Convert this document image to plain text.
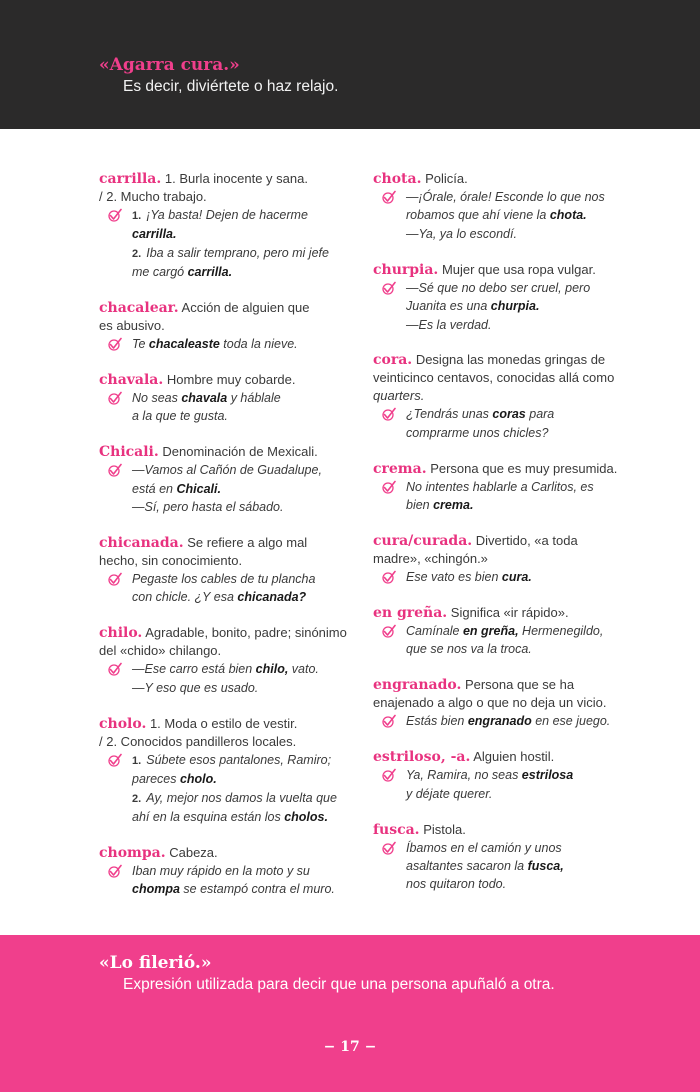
«Agarra cura.»
Es decir, diviértete o haz relajo.
carrilla. 1. Burla inocente y sana.
/ 2. Mucho trabajo.
1. ¡Ya basta! Dejen de hacerme
carrilla.
2. Iba a salir temprano, pero mi jefe
me cargó carrilla.
chacalear. Acción de alguien que
es abusivo.
Te chacaleaste toda la nieve.
chavala. Hombre muy cobarde.
No seas chavala y háblale
a la que te gusta.
Chicali. Denominación de Mexicali.
—Vamos al Cañón de Guadalupe,
está en Chicali.
—Sí, pero hasta el sábado.
chicanada. Se refiere a algo mal
hecho, sin conocimiento.
Pegaste los cables de tu plancha
con chicle. ¿Y esa chicanada?
chilo. Agradable, bonito, padre; sinónimo
del «chido» chilango.
—Ese carro está bien chilo, vato.
—Y eso que es usado.
cholo. 1. Moda o estilo de vestir.
/ 2. Conocidos pandilleros locales.
1. Súbete esos pantalones, Ramiro;
pareces cholo.
2. Ay, mejor nos damos la vuelta que
ahí en la esquina están los cholos.
chompa. Cabeza.
Iban muy rápido en la moto y su
chompa se estampó contra el muro.
chota. Policía.
—¡Órale, órale! Esconde lo que nos
robamos que ahí viene la chota.
—Ya, ya lo escondí.
churpia. Mujer que usa ropa vulgar.
—Sé que no debo ser cruel, pero
Juanita es una churpia.
—Es la verdad.
cora. Designa las monedas gringas de
veinticinco centavos, conocidas allá como
quarters.
¿Tendrás unas coras para
comprarme unos chicles?
crema. Persona que es muy presumida.
No intentes hablarle a Carlitos, es
bien crema.
cura/curada. Divertido, «a toda
madre», «chingón.»
Ese vato es bien cura.
en greña. Significa «ir rápido».
Camínale en greña, Hermenegildo,
que se nos va la troca.
engranado. Persona que se ha
enajenado a algo o que no deja un vicio.
Estás bien engranado en ese juego.
estriloso, -a. Alguien hostil.
Ya, Ramira, no seas estrilosa
y déjate querer.
fusca. Pistola.
Íbamos en el camión y unos
asaltantes sacaron la fusca,
nos quitaron todo.
«Lo filerió.»
Expresión utilizada para decir que una persona apuñaló a otra.
− 17 −
